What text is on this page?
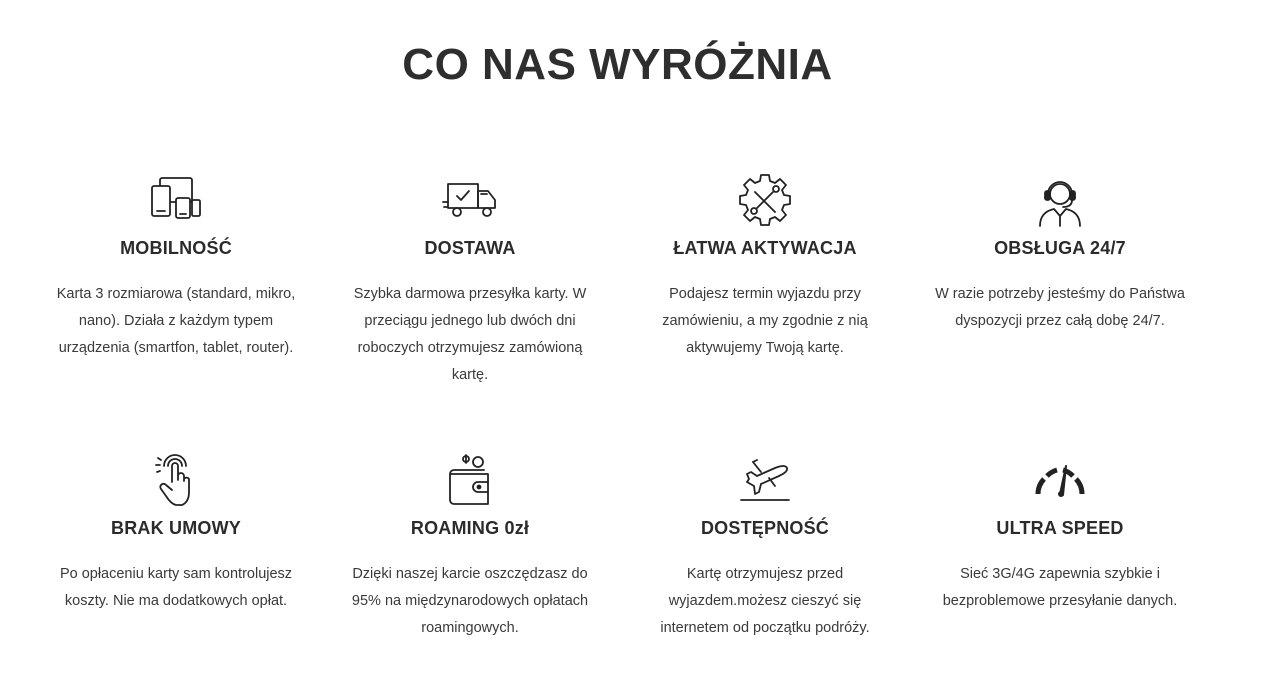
CO NAS WYRÓŻNIA
MOBILNOŚĆ
Karta 3 rozmiarowa (standard, mikro, nano). Działa z każdym typem urządzenia (smartfon, tablet, router).
DOSTAWA
Szybka darmowa przesyłka karty. W przeciągu jednego lub dwóch dni roboczych otrzymujesz zamówioną kartę.
ŁATWA AKTYWACJA
Podajesz termin wyjazdu przy zamówieniu, a my zgodnie z nią aktywujemy Twoją kartę.
OBSŁUGA 24/7
W razie potrzeby jesteśmy do Państwa dyspozycji przez całą dobę 24/7.
BRAK UMOWY
Po opłaceniu karty sam kontrolujesz koszty. Nie ma dodatkowych opłat.
ROAMING 0zł
Dzięki naszej karcie oszczędzasz do 95% na międzynarodowych opłatach roamingowych.
DOSTĘPNOŚĆ
Kartę otrzymujesz przed wyjazdem.możesz cieszyć się internetem od początku podróży.
ULTRA SPEED
Sieć 3G/4G zapewnia szybkie i bezproblemowe przesyłanie danych.
